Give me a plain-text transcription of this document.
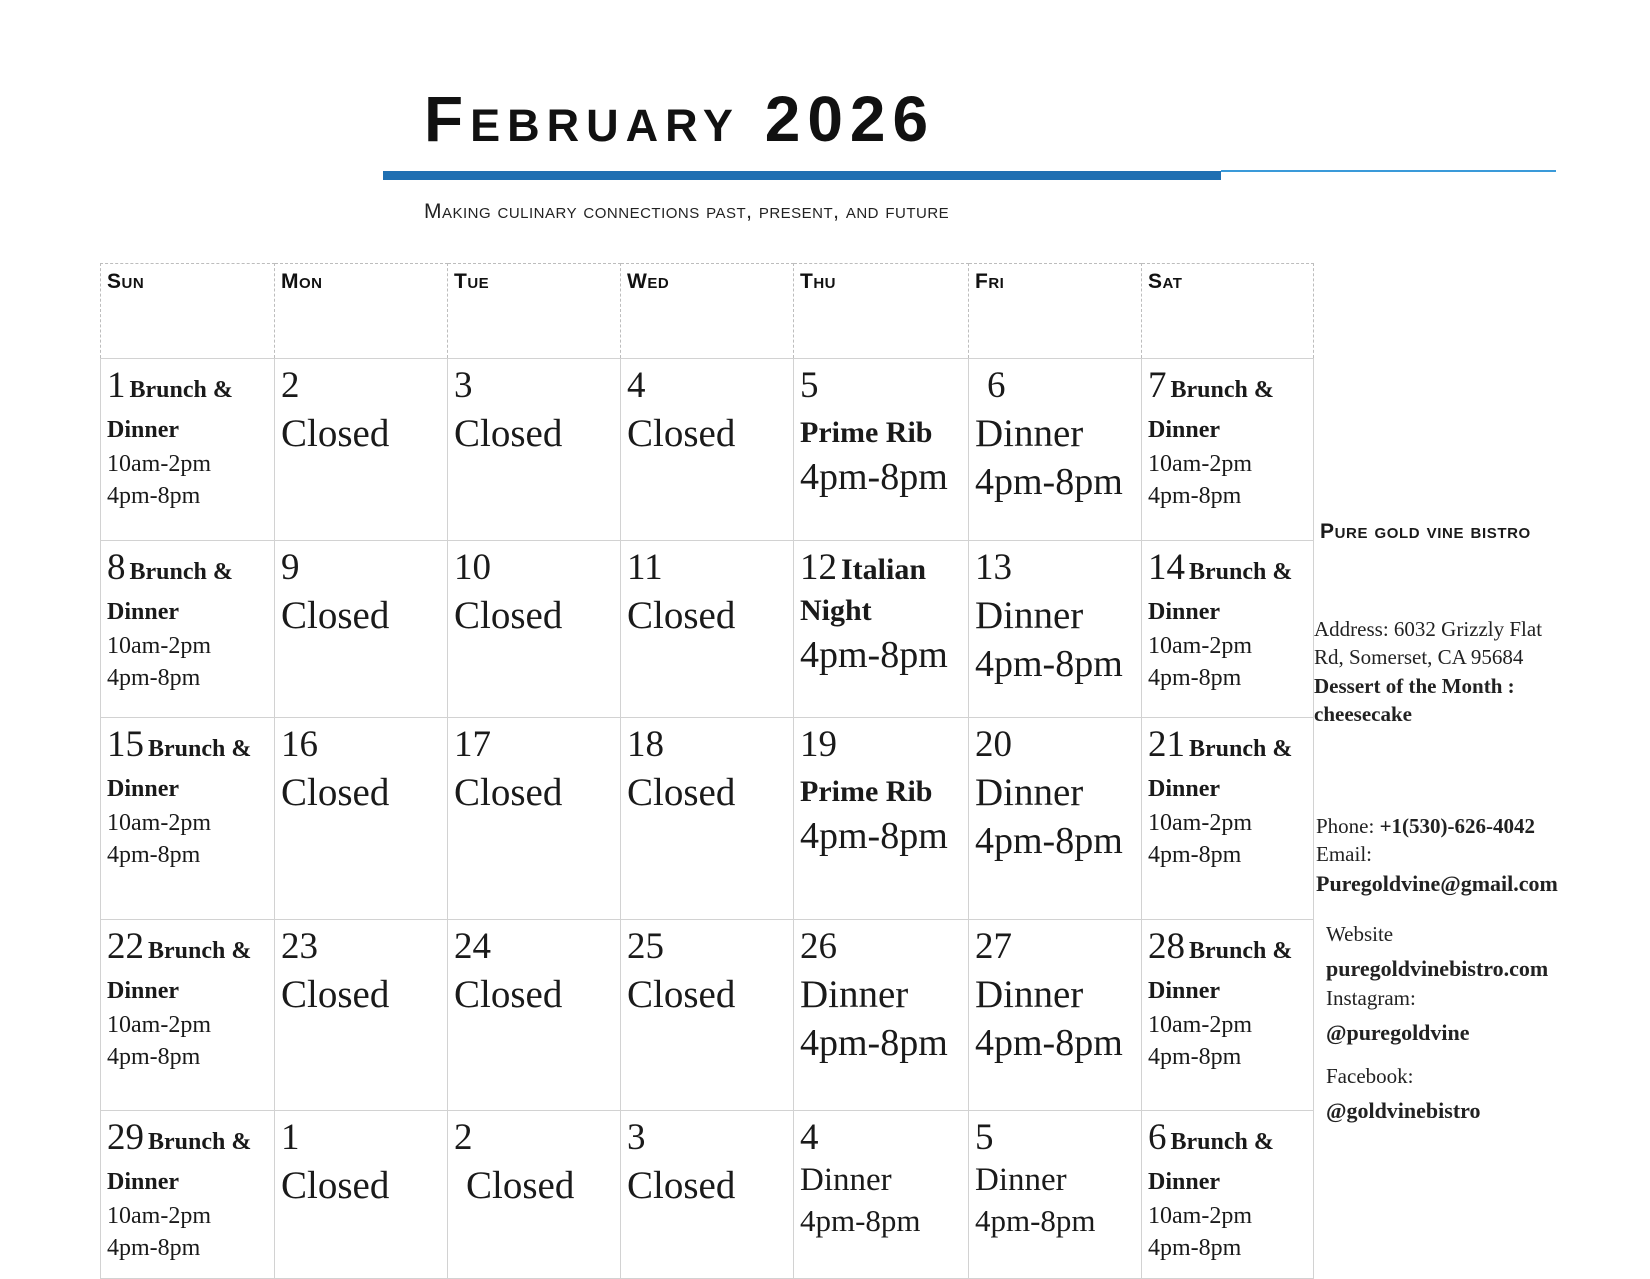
February 2026
Making culinary connections past, present, and future
Sun	Mon	Tue	Wed	Thu	Fri	Sat

1 Brunch &
Dinner
10am-2pm
4pm-8pm	2
Closed	3
Closed	4
Closed	5
Prime Rib
4pm-8pm	6
Dinner
4pm-8pm	7 Brunch &
Dinner
10am-2pm
4pm-8pm

8 Brunch &
Dinner
10am-2pm
4pm-8pm	9
Closed	10
Closed	11
Closed	12 Italian
Night
4pm-8pm	13
Dinner
4pm-8pm	14 Brunch &
Dinner
10am-2pm
4pm-8pm

15 Brunch &
Dinner
10am-2pm
4pm-8pm	16
Closed	17
Closed	18
Closed	19
Prime Rib
4pm-8pm	20
Dinner
4pm-8pm	21 Brunch &
Dinner
10am-2pm
4pm-8pm

22 Brunch &
Dinner
10am-2pm
4pm-8pm	23
Closed	24
Closed	25
Closed	26
Dinner
4pm-8pm	27
Dinner
4pm-8pm	28 Brunch &
Dinner
10am-2pm
4pm-8pm

29 Brunch &
Dinner
10am-2pm
4pm-8pm	1
Closed	2
Closed	3
Closed	4
Dinner
4pm-8pm	5
Dinner
4pm-8pm	6 Brunch &
Dinner
10am-2pm
4pm-8pm
Pure gold vine bistro
Address: 6032 Grizzly Flat
Rd, Somerset, CA 95684
Dessert of the Month :
cheesecake
Phone: +1(530)-626-4042
Email:
Puregoldvine@gmail.com
Website
puregoldvinebistro.com
Instagram:
@puregoldvine
Facebook:
@goldvinebistro
